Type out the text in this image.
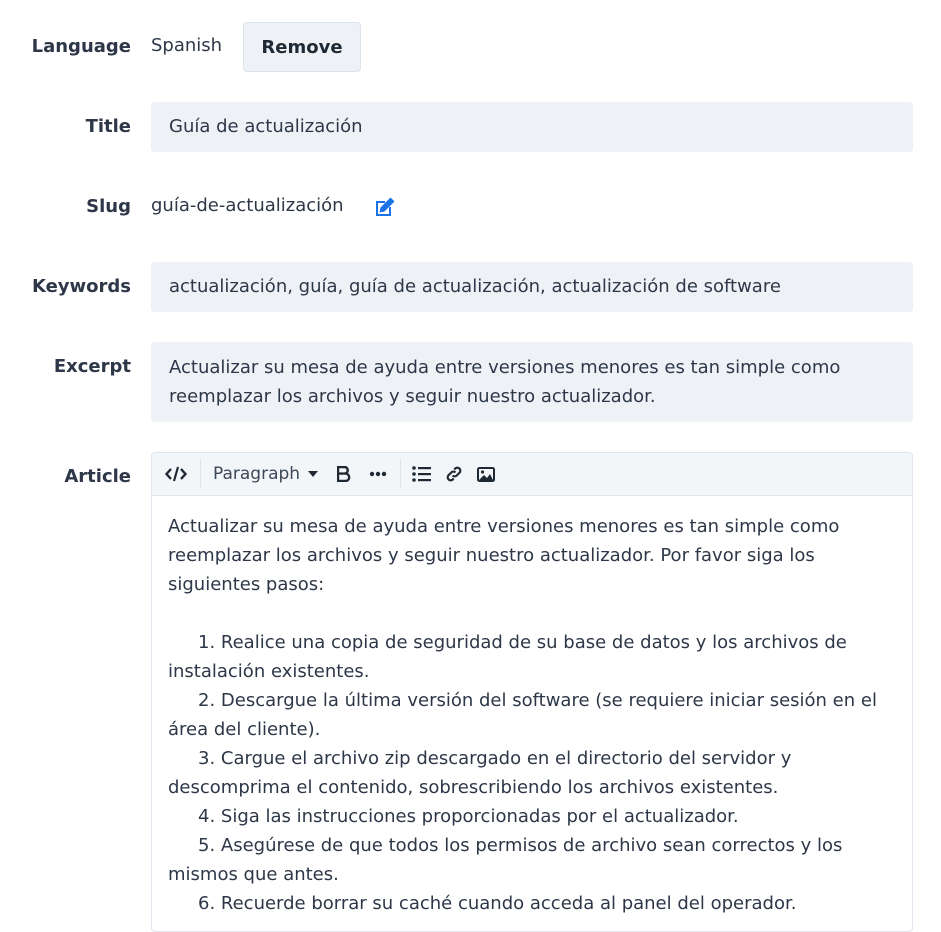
Language Spanish	Remove
Title	Guía de actualización
Slug guía-de-actualización
Keywords	actualización, guía, guía de actualización, actualización de software
Excerpt	Actualizar su mesa de ayuda entre versiones menores es tan simple como reemplazar los archivos y seguir nuestro actualizador.
Article	Paragraph

Actualizar su mesa de ayuda entre versiones menores es tan simple como reemplazar los archivos y seguir nuestro actualizador. Por favor siga los siguientes pasos:

1. Realice una copia de seguridad de su base de datos y los archivos de instalación existentes.
2. Descargue la última versión del software (se requiere iniciar sesión en el área del cliente).
3. Cargue el archivo zip descargado en el directorio del servidor y descomprima el contenido, sobrescribiendo los archivos existentes.
4. Siga las instrucciones proporcionadas por el actualizador.
5. Asegúrese de que todos los permisos de archivo sean correctos y los mismos que antes.
6. Recuerde borrar su caché cuando acceda al panel del operador.
